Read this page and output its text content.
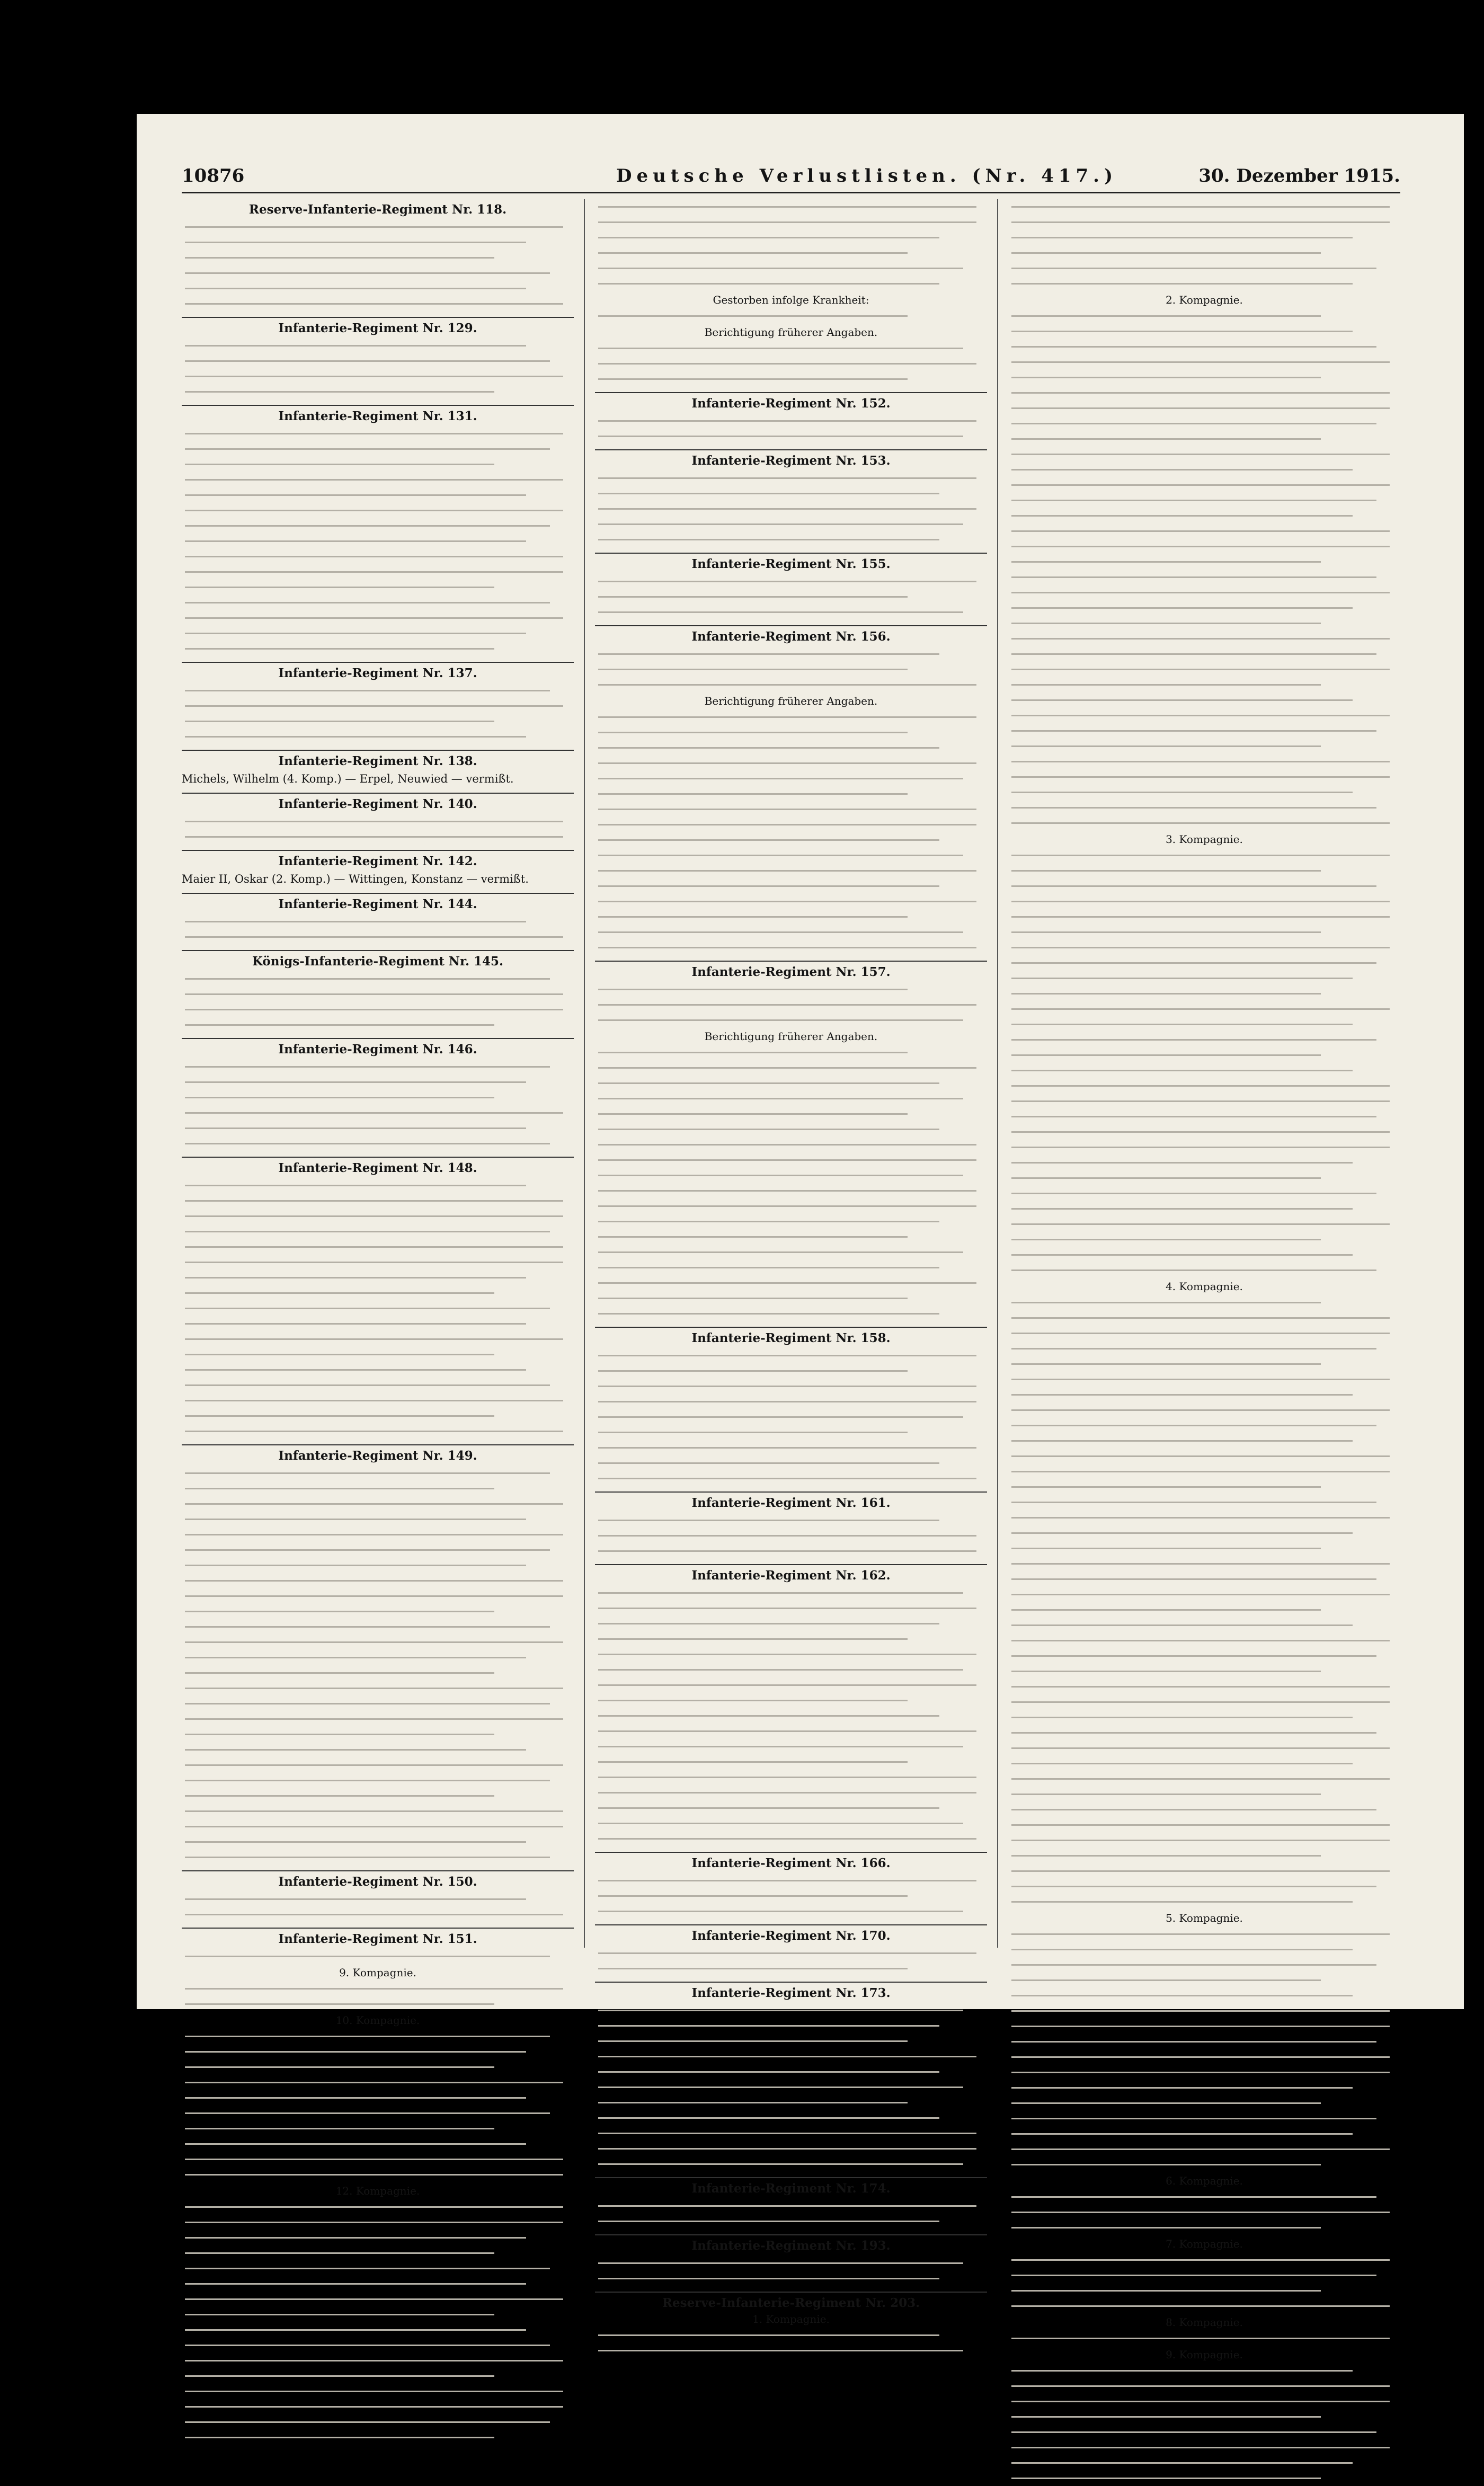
10876	Deutsche Verlustlisten. (Nr. 417.)	30. Dezember 1915.
Reserve-Infanterie-Regiment Nr. 118.
Infanterie-Regiment Nr. 129.
Infanterie-Regiment Nr. 131.
Infanterie-Regiment Nr. 137.
Infanterie-Regiment Nr. 138.
Michels, Wilhelm (4. Komp.) — Erpel, Neuwied — vermißt.
Infanterie-Regiment Nr. 140.
Infanterie-Regiment Nr. 142.
Maier II, Oskar (2. Komp.) — Wittingen, Konstanz — vermißt.
Infanterie-Regiment Nr. 144.
Königs-Infanterie-Regiment Nr. 145.
Infanterie-Regiment Nr. 146.
Infanterie-Regiment Nr. 148.
Infanterie-Regiment Nr. 149.
Infanterie-Regiment Nr. 150.
Infanterie-Regiment Nr. 151.
9. Kompagnie.
10. Kompagnie.
12. Kompagnie.
Gestorben infolge Krankheit:
Berichtigung früherer Angaben.
Infanterie-Regiment Nr. 152.
Infanterie-Regiment Nr. 153.
Infanterie-Regiment Nr. 155.
Infanterie-Regiment Nr. 156.
Berichtigung früherer Angaben.
Infanterie-Regiment Nr. 157.
Berichtigung früherer Angaben.
Infanterie-Regiment Nr. 158.
Infanterie-Regiment Nr. 161.
Infanterie-Regiment Nr. 162.
Infanterie-Regiment Nr. 166.
Infanterie-Regiment Nr. 170.
Infanterie-Regiment Nr. 173.
Infanterie-Regiment Nr. 174.
Infanterie-Regiment Nr. 193.
Reserve-Infanterie-Regiment Nr. 203.
1. Kompagnie.
2. Kompagnie.
3. Kompagnie.
4. Kompagnie.
5. Kompagnie.
6. Kompagnie.
7. Kompagnie.
8. Kompagnie.
9. Kompagnie.
